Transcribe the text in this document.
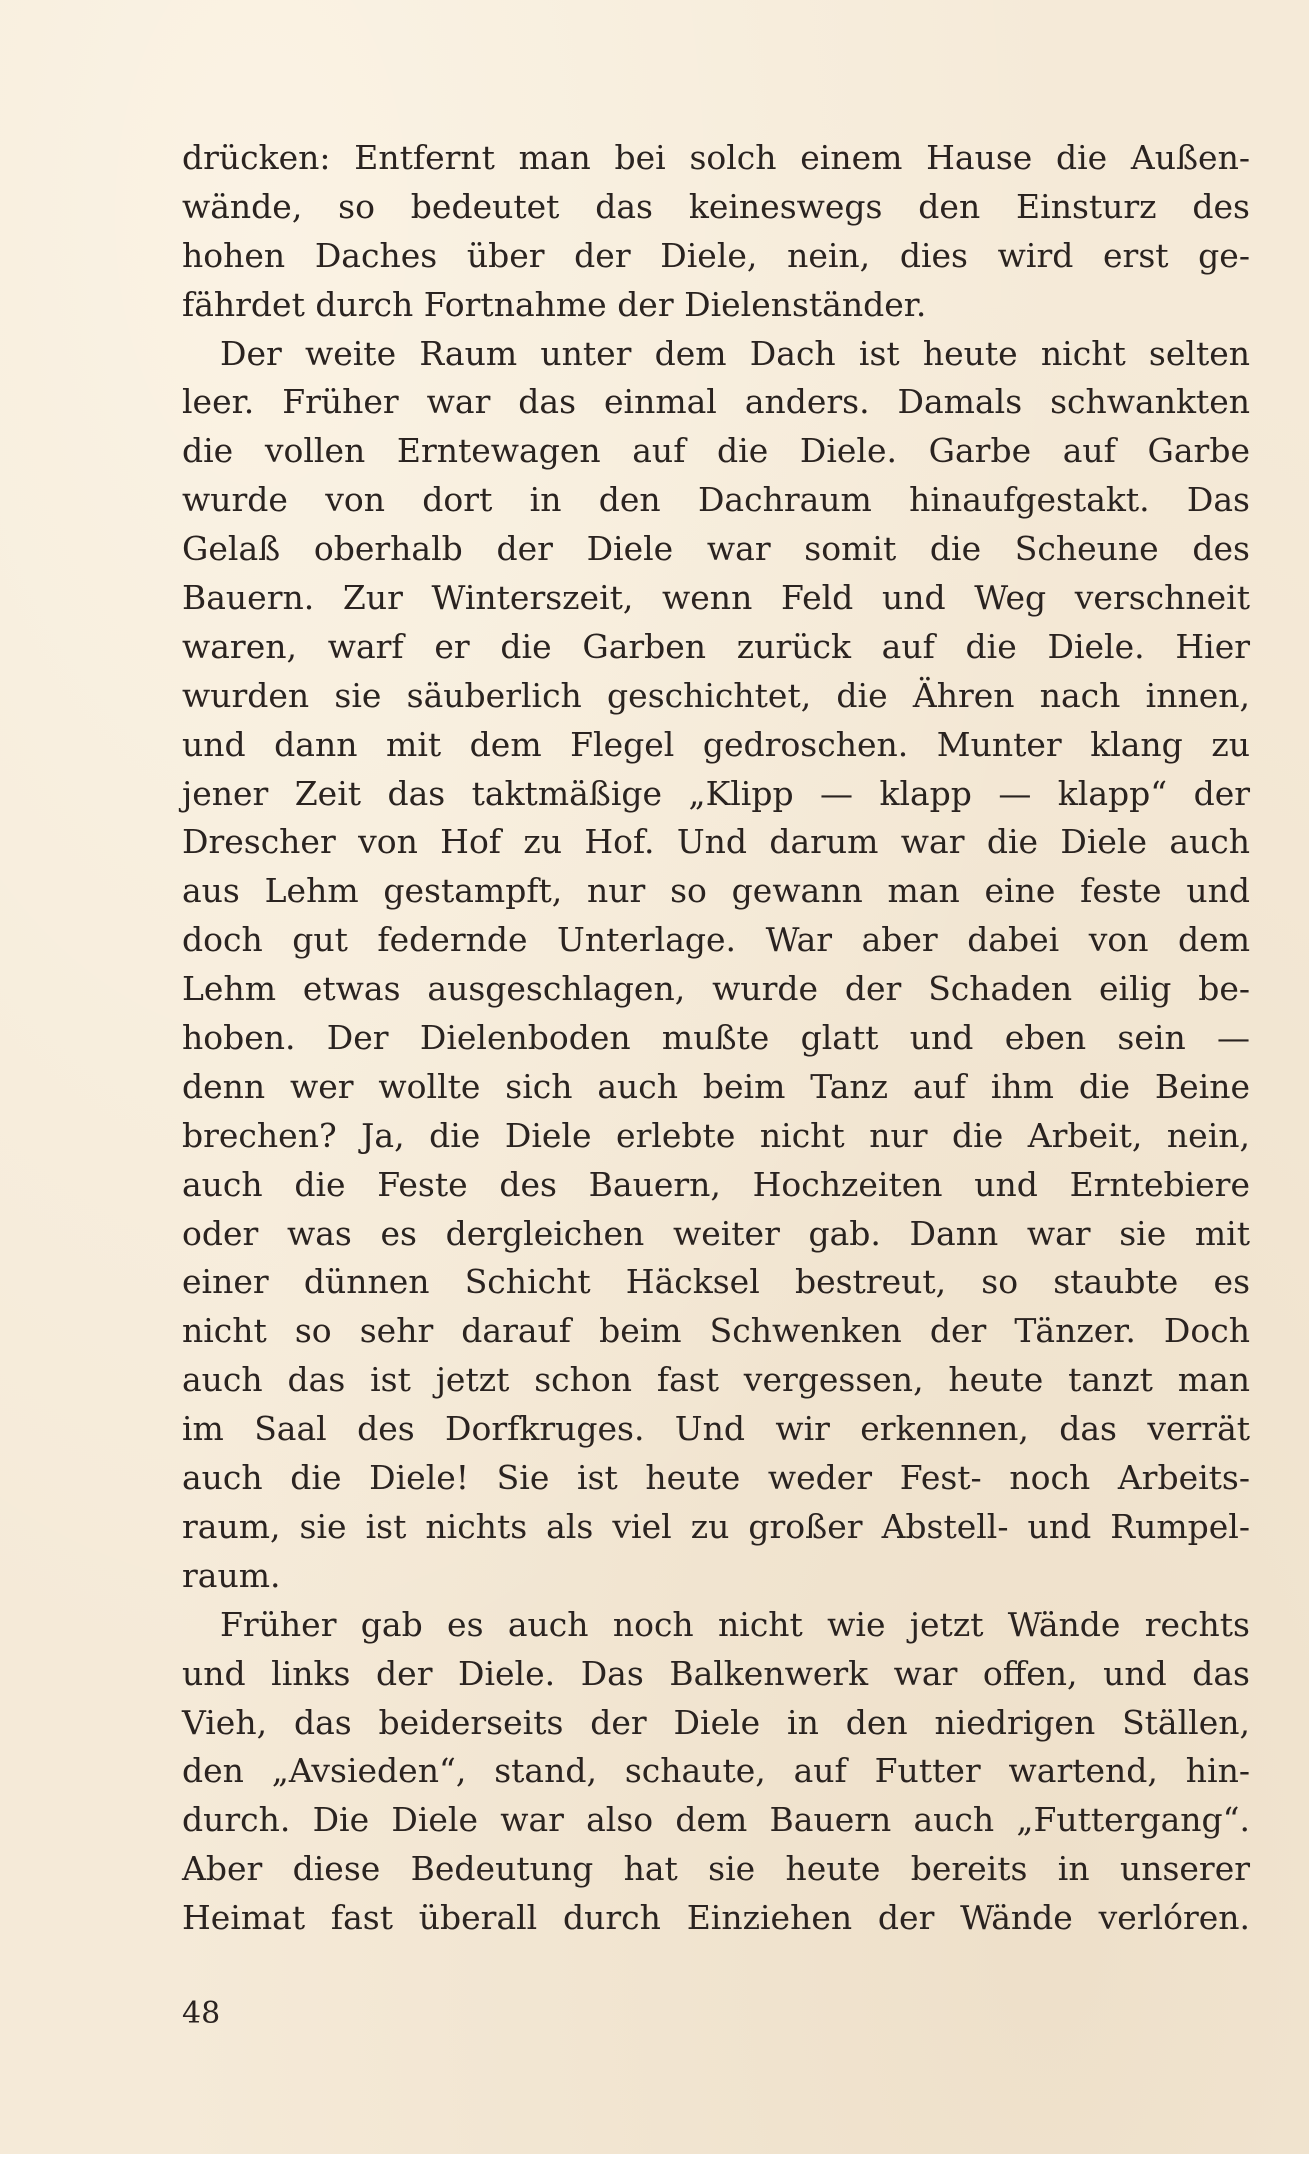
drücken: Entfernt man bei solch einem Hause die Außen-
wände, so bedeutet das keineswegs den Einsturz des
hohen Daches über der Diele, nein, dies wird erst ge-
fährdet durch Fortnahme der Dielenständer.
Der weite Raum unter dem Dach ist heute nicht selten
leer. Früher war das einmal anders. Damals schwankten
die vollen Erntewagen auf die Diele. Garbe auf Garbe
wurde von dort in den Dachraum hinaufgestakt. Das
Gelaß oberhalb der Diele war somit die Scheune des
Bauern. Zur Winterszeit, wenn Feld und Weg verschneit
waren, warf er die Garben zurück auf die Diele. Hier
wurden sie säuberlich geschichtet, die Ähren nach innen,
und dann mit dem Flegel gedroschen. Munter klang zu
jener Zeit das taktmäßige „Klipp — klapp — klapp“ der
Drescher von Hof zu Hof. Und darum war die Diele auch
aus Lehm gestampft, nur so gewann man eine feste und
doch gut federnde Unterlage. War aber dabei von dem
Lehm etwas ausgeschlagen, wurde der Schaden eilig be-
hoben. Der Dielenboden mußte glatt und eben sein —
denn wer wollte sich auch beim Tanz auf ihm die Beine
brechen? Ja, die Diele erlebte nicht nur die Arbeit, nein,
auch die Feste des Bauern, Hochzeiten und Erntebiere
oder was es dergleichen weiter gab. Dann war sie mit
einer dünnen Schicht Häcksel bestreut, so staubte es
nicht so sehr darauf beim Schwenken der Tänzer. Doch
auch das ist jetzt schon fast vergessen, heute tanzt man
im Saal des Dorfkruges. Und wir erkennen, das verrät
auch die Diele! Sie ist heute weder Fest- noch Arbeits-
raum, sie ist nichts als viel zu großer Abstell- und Rumpel-
raum.
Früher gab es auch noch nicht wie jetzt Wände rechts
und links der Diele. Das Balkenwerk war offen, und das
Vieh, das beiderseits der Diele in den niedrigen Ställen,
den „Avsieden“, stand, schaute, auf Futter wartend, hin-
durch. Die Diele war also dem Bauern auch „Futtergang“.
Aber diese Bedeutung hat sie heute bereits in unserer
Heimat fast überall durch Einziehen der Wände verlóren.
48
